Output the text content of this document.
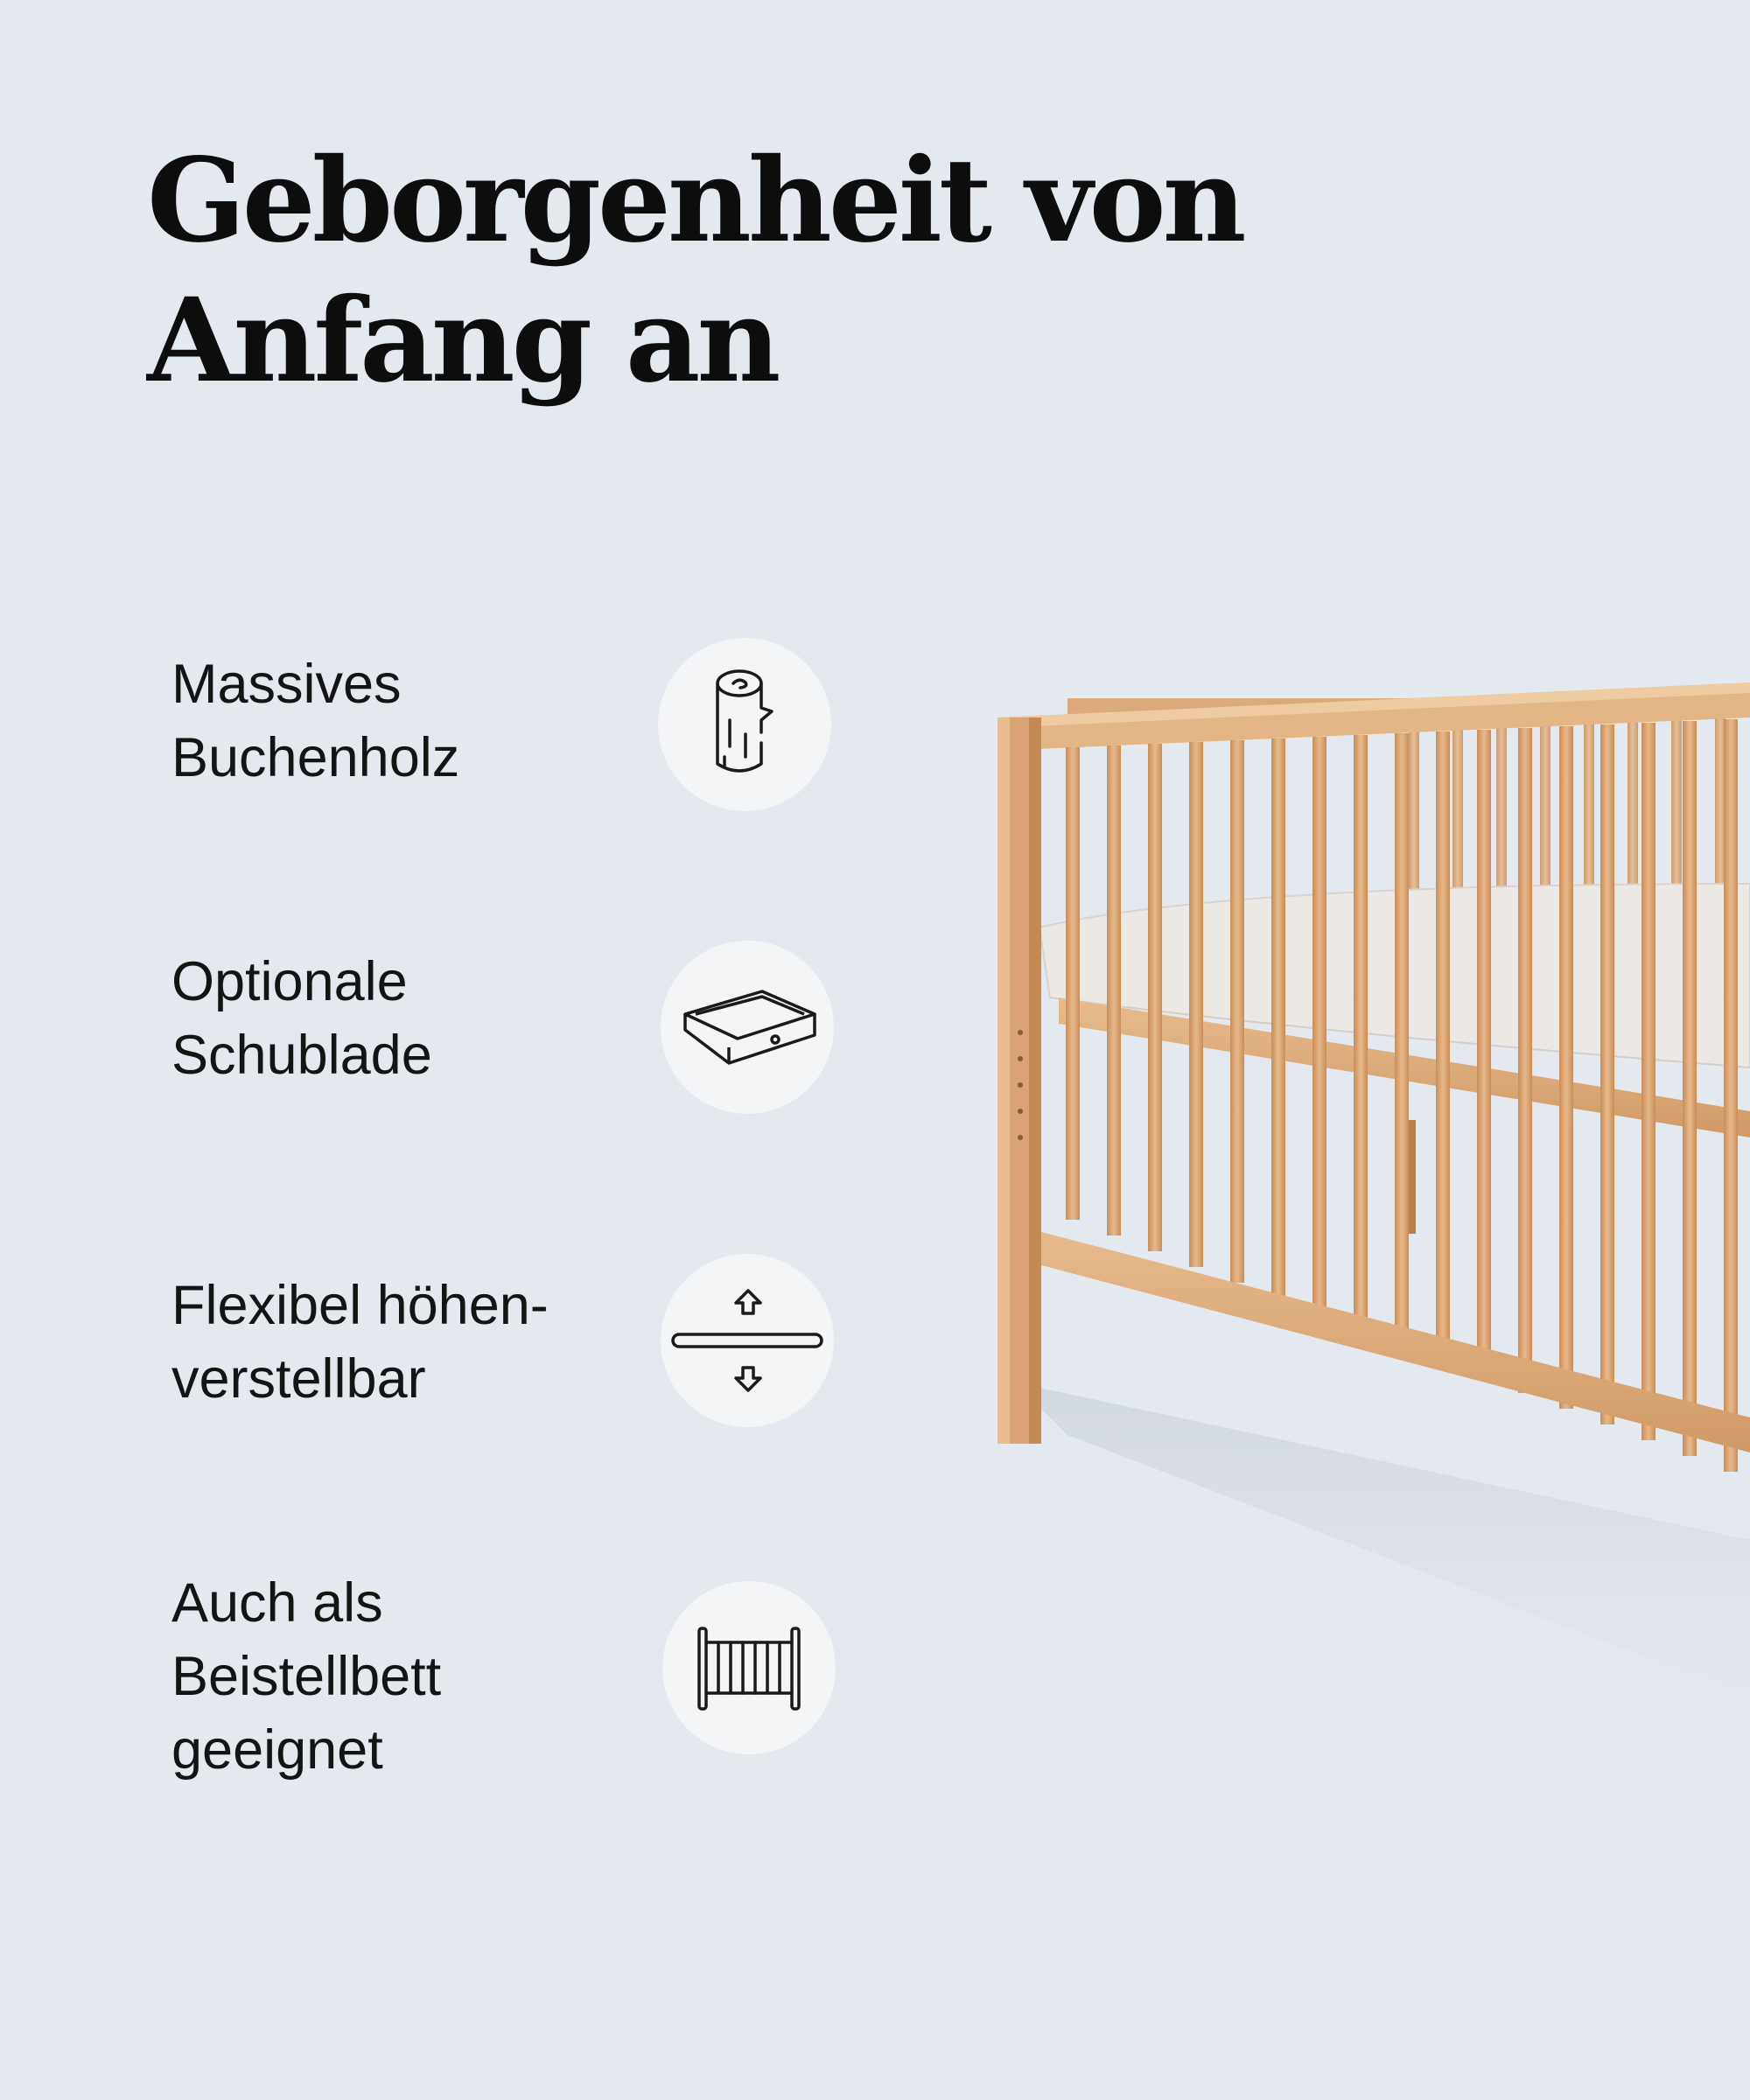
Geborgenheit von
Anfang an
Massives
Buchenholz
Optionale
Schublade
Flexibel höhen-
verstellbar
Auch als
Beistellbett
geeignet
